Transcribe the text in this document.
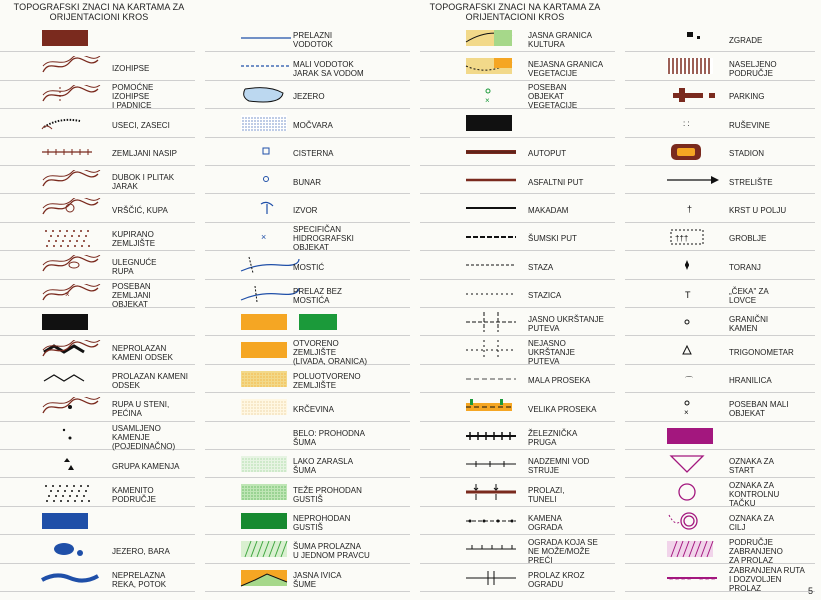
TOPOGRAFSKI ZNACI NA KARTAMA ZA ORIJENTACIONI KROS
TOPOGRAFSKI ZNACI NA KARTAMA ZA ORIJENTACIONI KROS
IZOHIPSE
POMOĆNE
IZOHIPSE
I PADNICE
USECI, ZASECI
ZEMLJANI NASIP
DUBOK I PLITAK
JARAK
VRŠČIĆ, KUPA
KUPIRANO
ZEMLJIŠTE
ULEGNUĆE
RUPA
×
POSEBAN
ZEMLJANI
OBJEKAT
NEPROLAZAN
KAMENI ODSEK
PROLAZAN KAMENI
ODSEK
RUPA U STENI,
PEĆINA
USAMLJENO
KAMENJE
(POJEDINAČNO)
GRUPA KAMENJA
KAMENITO
PODRUČJE
JEZERO, BARA
NEPRELAZNA
REKA, POTOK
PRELAZNI
VODOTOK
MALI VODOTOK
JARAK SA VODOM
JEZERO
MOČVARA
CISTERNA
BUNAR
IZVOR
×
SPECIFIČAN
HIDROGRAFSKI
OBJEKAT
MOSTIĆ
PRELAZ BEZ
MOSTIĆA
OTVORENO
ZEMLJIŠTE
(LIVADA, ORANICA)
POLUOTVORENO
ZEMLJIŠTE
KRČEVINA
BELO: PROHODNA
ŠUMA
LAKO ZARASLA
ŠUMA
TEŽE PROHODAN
GUSTIŠ
NEPROHODAN
GUSTIŠ
ŠUMA PROLAZNA
U JEDNOM PRAVCU
JASNA IVICA
ŠUME
JASNA GRANICA
KULTURA
NEJASNA GRANICA
VEGETACIJE
×
POSEBAN
OBJEKAT
VEGETACIJE
AUTOPUT
ASFALTNI PUT
MAKADAM
ŠUMSKI PUT
STAZA
STAZICA
JASNO UKRŠTANJE
PUTEVA
NEJASNO
UKRŠTANJE
PUTEVA
MALA PROSEKA
VELIKA PROSEKA
ŽELEZNIČKA
PRUGA
NADZEMNI VOD
STRUJE
PROLAZI,
TUNELI
KAMENA
OGRADA
OGRADA KOJA SE
NE MOŽE/MOŽE
PREĆI
PROLAZ KROZ
OGRADU
ZGRADE
NASELJENO
PODRUČJE
PARKING
: :	RUŠEVINE
STADION
STRELIŠTE
†	KRST U POLJU
†††	GROBLJE
TORANJ
T	„ČEKA" ZA
LOVCE
GRANIČNI
KAMEN
TRIGONOMETAR
⌒	HRANILICA
×
POSEBAN MALI
OBJEKAT
OZNAKA ZA
START
OZNAKA ZA
KONTROLNU
TAČKU
OZNAKA ZA
CILJ
PODRUČJE
ZABRANJENO
ZA PROLAZ
× × × × × × ×
ZABRANJENA RUTA
I DOZVOLJEN
PROLAZ	5
